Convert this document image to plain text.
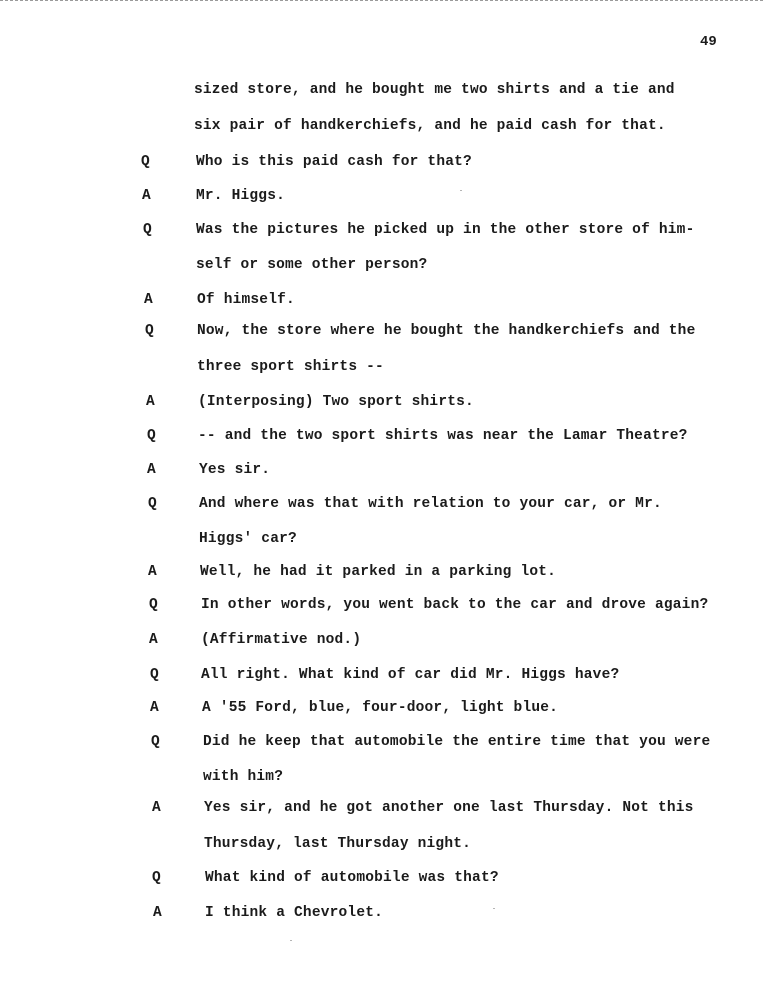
49
sized store, and he bought me two shirts and a tie and
six pair of handkerchiefs, and he paid cash for that.
Q	Who is this paid cash for that?
A	Mr. Higgs.
Q	Was the pictures he picked up in the other store of him-
self or some other person?
A	Of himself.
Q	Now, the store where he bought the handkerchiefs and the
three sport shirts --
A	(Interposing) Two sport shirts.
Q	-- and the two sport shirts was near the Lamar Theatre?
A	Yes sir.
Q	And where was that with relation to your car, or Mr.
Higgs' car?
A	Well, he had it parked in a parking lot.
Q	In other words, you went back to the car and drove again?
A	(Affirmative nod.)
Q	All right. What kind of car did Mr. Higgs have?
A	A '55 Ford, blue, four-door, light blue.
Q	Did he keep that automobile the entire time that you were
with him?
A	Yes sir, and he got another one last Thursday. Not this
Thursday, last Thursday night.
Q	What kind of automobile was that?
A	I think a Chevrolet.
